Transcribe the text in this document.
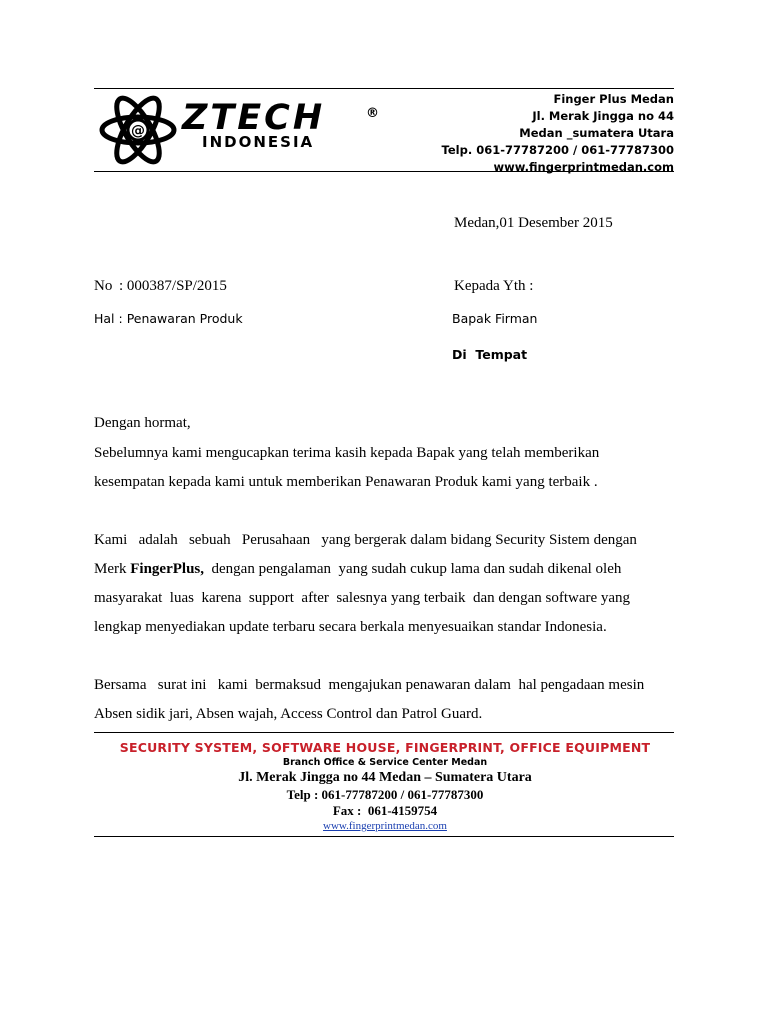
@ ZTECH
INDONESIA
®
Finger Plus Medan
Jl. Merak Jingga no 44
Medan _sumatera Utara
Telp. 061-77787200 / 061-77787300
www.fingerprintmedan.com
Medan,01 Desember 2015
No : 000387/SP/2015	Kepada Yth :
Hal : Penawaran Produk	Bapak Firman
Di  Tempat
Dengan hormat,
Sebelumnya kami mengucapkan terima kasih kepada Bapak yang telah memberikan
kesempatan kepada kami untuk memberikan Penawaran Produk kami yang terbaik .
Kami   adalah   sebuah   Perusahaan   yang bergerak dalam bidang Security Sistem dengan
Merk FingerPlus,  dengan pengalaman  yang sudah cukup lama dan sudah dikenal oleh
masyarakat  luas  karena  support  after  salesnya yang terbaik  dan dengan software yang
lengkap menyediakan update terbaru secara berkala menyesuaikan standar Indonesia.
Bersama   surat ini   kami  bermaksud  mengajukan penawaran dalam  hal pengadaan mesin
Absen sidik jari, Absen wajah, Access Control dan Patrol Guard.
SECURITY SYSTEM, SOFTWARE HOUSE, FINGERPRINT, OFFICE EQUIPMENT
Branch Office & Service Center Medan
Jl. Merak Jingga no 44 Medan – Sumatera Utara
Telp : 061-77787200 / 061-77787300
Fax :  061-4159754
www.fingerprintmedan.com
